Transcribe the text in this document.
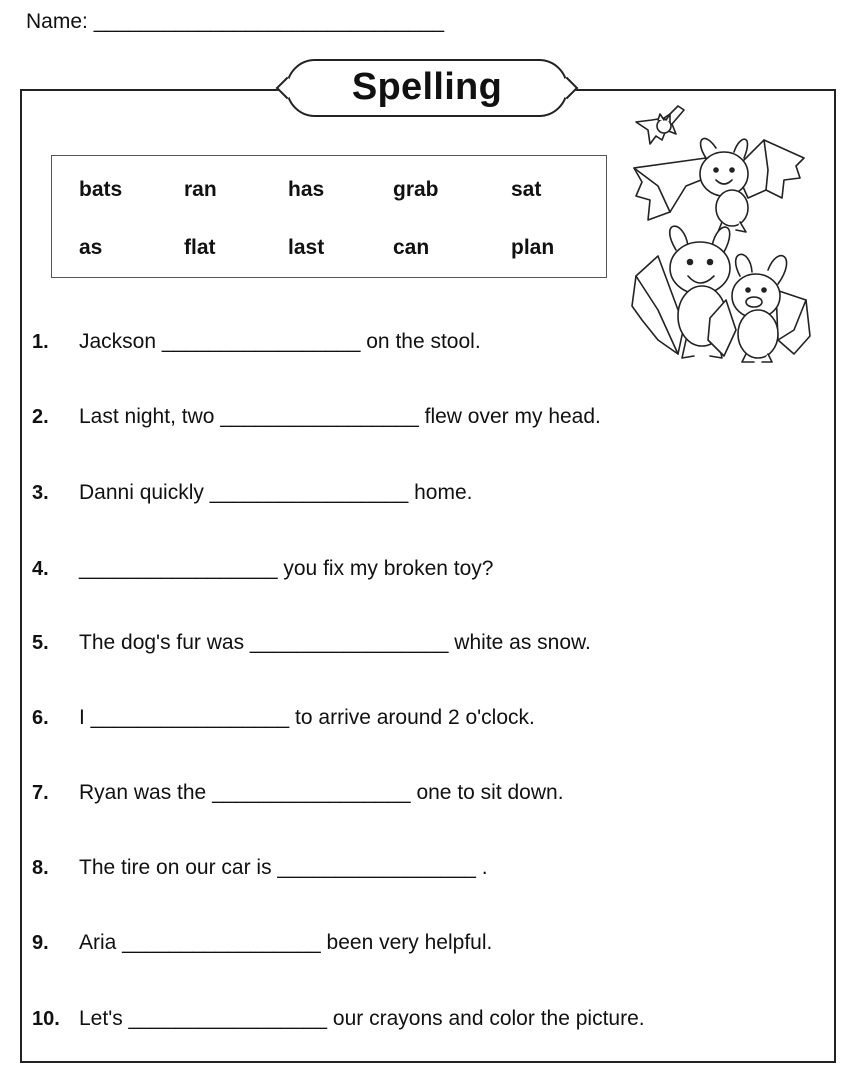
Name: ______________________________
Spelling
bats	ran	has	grab	sat
as	flat	last	can	plan
1. Jackson _________________ on the stool.
2. Last night, two _________________ flew over my head.
3. Danni quickly _________________ home.
4. _________________ you fix my broken toy?
5. The dog's fur was _________________ white as snow.
6. I _________________ to arrive around 2 o'clock.
7. Ryan was the _________________ one to sit down.
8. The tire on our car is _________________ .
9. Aria _________________ been very helpful.
10. Let's _________________ our crayons and color the picture.
